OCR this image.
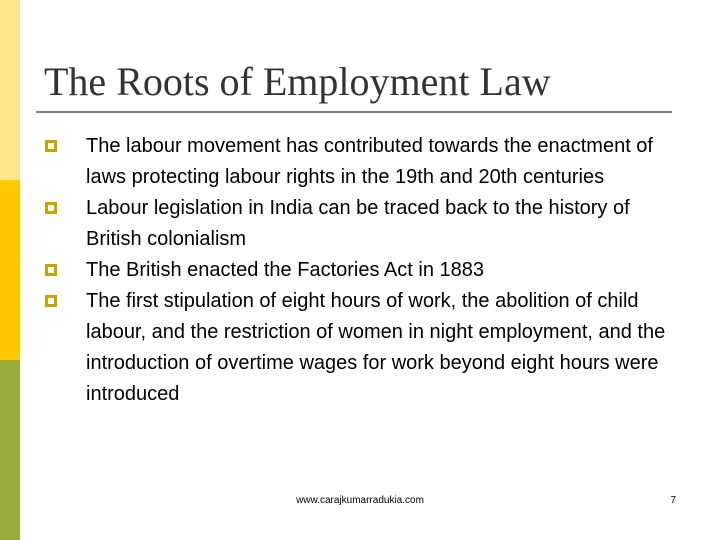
The Roots of Employment Law
The labour movement has contributed towards the enactment of laws protecting labour rights in the 19th and 20th centuries
Labour legislation in India can be traced back to the history of British colonialism
The British enacted the Factories Act in 1883
The first stipulation of eight hours of work, the abolition of child labour, and the restriction of women in night employment, and the introduction of overtime wages for work beyond eight hours were introduced
www.carajkumarradukia.com	7
